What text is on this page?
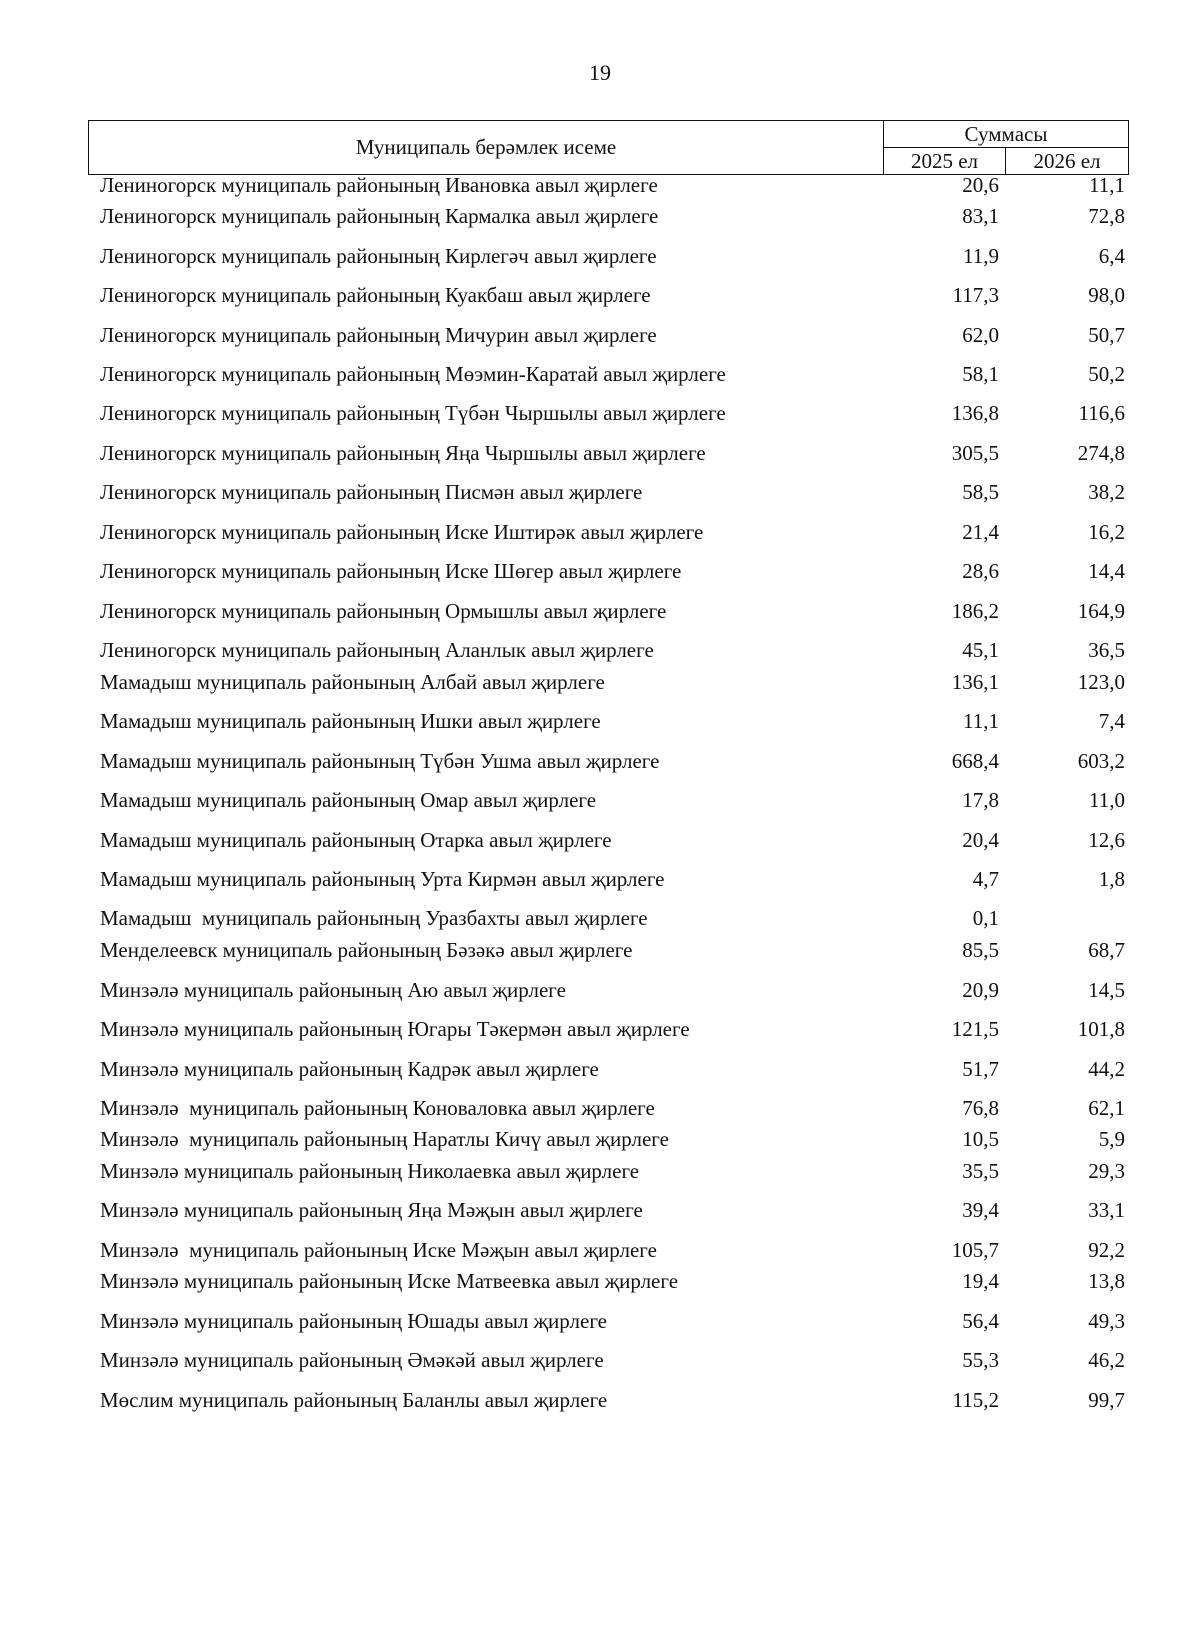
19
Муниципаль берәмлек исеме
Суммасы
2025 ел	2026 ел
Лениногорск муниципаль районының Ивановка авыл җирлеге	20,6	11,1
Лениногорск муниципаль районының Кармалка авыл җирлеге	83,1	72,8
Лениногорск муниципаль районының Кирлегәч авыл җирлеге	11,9	6,4
Лениногорск муниципаль районының Куакбаш авыл җирлеге	117,3	98,0
Лениногорск муниципаль районының Мичурин авыл җирлеге	62,0	50,7
Лениногорск муниципаль районының Мөэмин-Каратай авыл җирлеге	58,1	50,2
Лениногорск муниципаль районының Түбән Чыршылы авыл җирлеге	136,8	116,6
Лениногорск муниципаль районының Яңа Чыршылы авыл җирлеге	305,5	274,8
Лениногорск муниципаль районының Писмән авыл җирлеге	58,5	38,2
Лениногорск муниципаль районының Иске Иштирәк авыл җирлеге	21,4	16,2
Лениногорск муниципаль районының Иске Шөгер авыл җирлеге	28,6	14,4
Лениногорск муниципаль районының Ормышлы авыл җирлеге	186,2	164,9
Лениногорск муниципаль районының Аланлык авыл җирлеге	45,1	36,5
Мамадыш муниципаль районының Албай авыл җирлеге	136,1	123,0
Мамадыш муниципаль районының Ишки авыл җирлеге	11,1	7,4
Мамадыш муниципаль районының Түбән Ушма авыл җирлеге	668,4	603,2
Мамадыш муниципаль районының Омар авыл җирлеге	17,8	11,0
Мамадыш муниципаль районының Отарка авыл җирлеге	20,4	12,6
Мамадыш муниципаль районының Урта Кирмән авыл җирлеге	4,7	1,8
Мамадыш  муниципаль районының Уразбахты авыл җирлеге	0,1
Менделеевск муниципаль районының Бәзәкә авыл җирлеге	85,5	68,7
Минзәлә муниципаль районының Аю авыл җирлеге	20,9	14,5
Минзәлә муниципаль районының Югары Тәкермән авыл җирлеге	121,5	101,8
Минзәлә муниципаль районының Кадрәк авыл җирлеге	51,7	44,2
Минзәлә  муниципаль районының Коноваловка авыл җирлеге	76,8	62,1
Минзәлә  муниципаль районының Наратлы Кичү авыл җирлеге	10,5	5,9
Минзәлә муниципаль районының Николаевка авыл җирлеге	35,5	29,3
Минзәлә муниципаль районының Яңа Мәҗын авыл җирлеге	39,4	33,1
Минзәлә  муниципаль районының Иске Мәҗын авыл җирлеге	105,7	92,2
Минзәлә муниципаль районының Иске Матвеевка авыл җирлеге	19,4	13,8
Минзәлә муниципаль районының Юшады авыл җирлеге	56,4	49,3
Минзәлә муниципаль районының Әмәкәй авыл җирлеге	55,3	46,2
Мөслим муниципаль районының Баланлы авыл җирлеге	115,2	99,7
